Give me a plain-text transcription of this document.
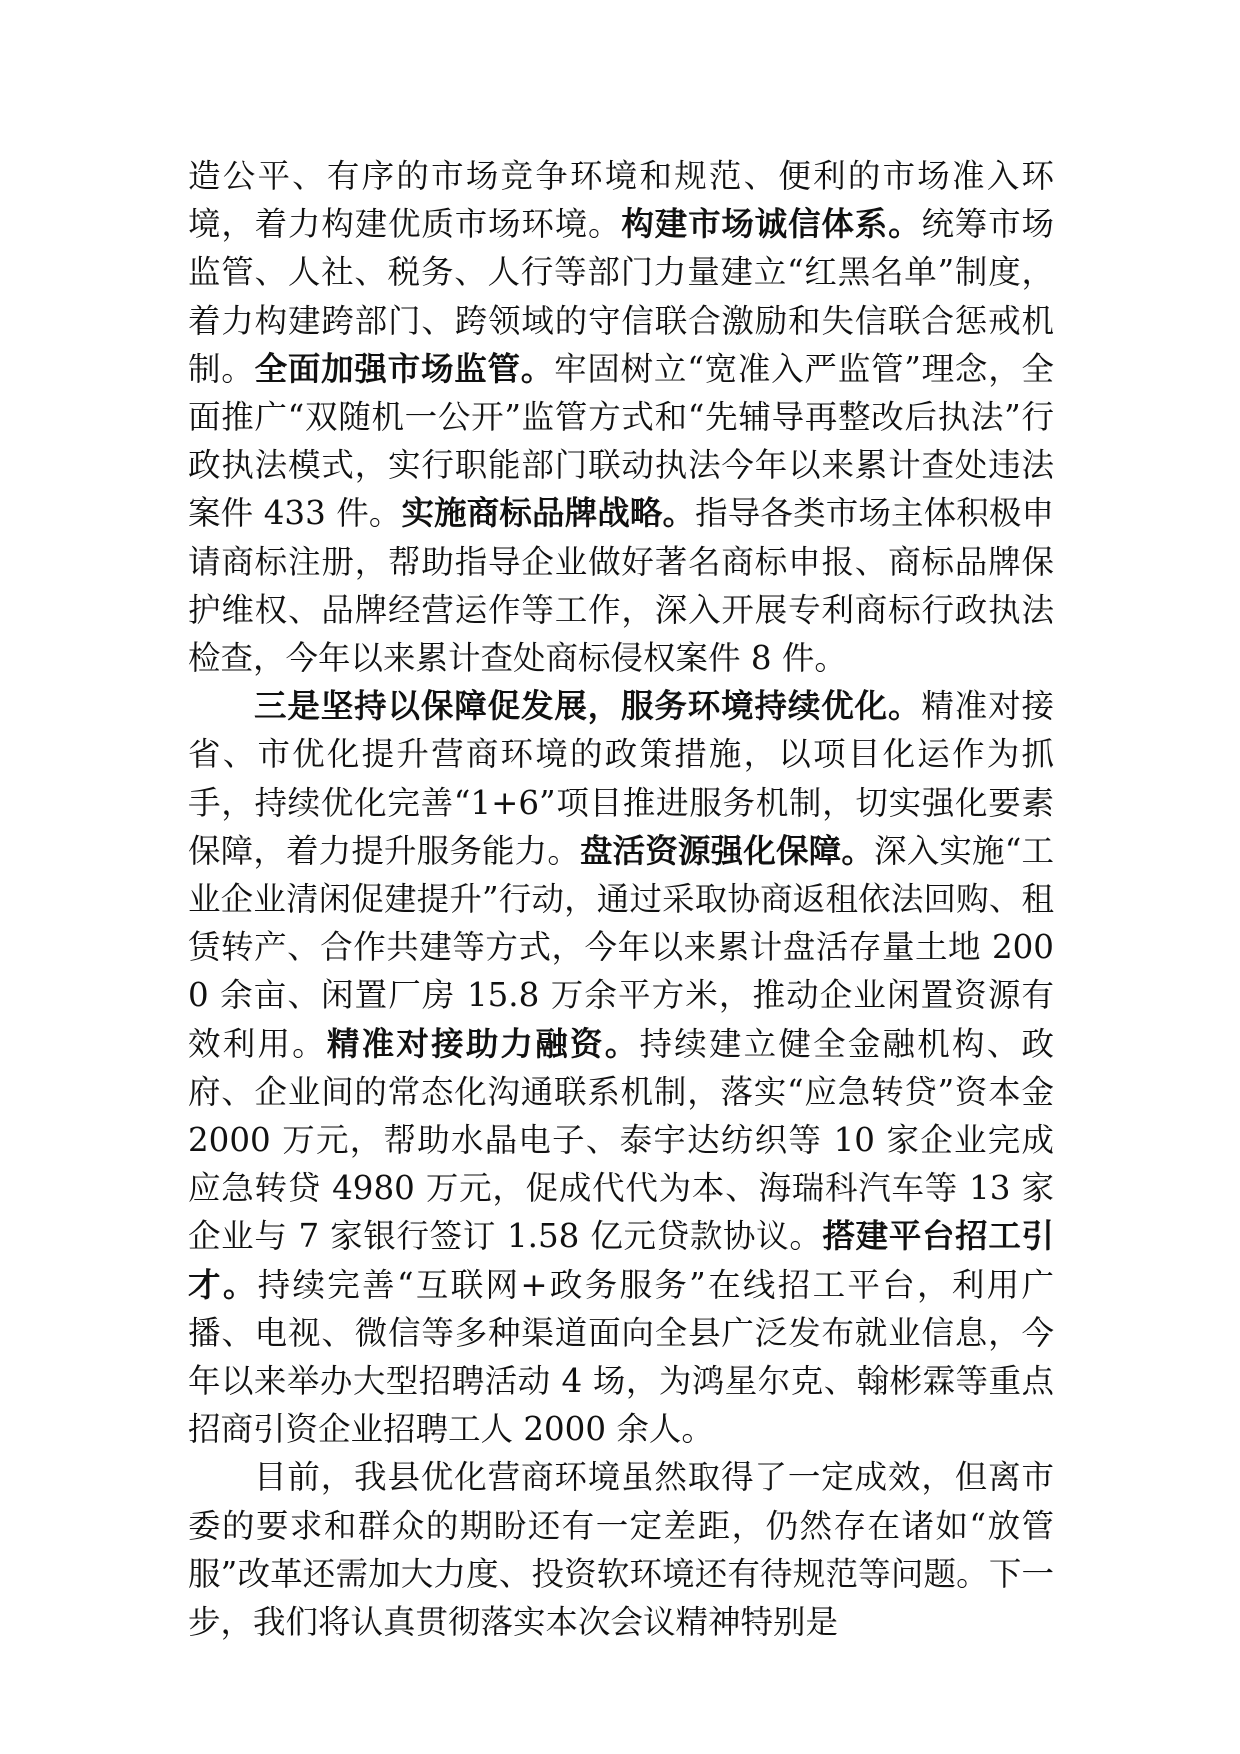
造公平、有序的市场竞争环境和规范、便利的市场准入环境，着力构建优质市场环境。构建市场诚信体系。统筹市场监管、人社、税务、人行等部门力量建立“红黑名单”制度，着力构建跨部门、跨领域的守信联合激励和失信联合惩戒机制。全面加强市场监管。牢固树立“宽准入严监管”理念，全面推广“双随机一公开”监管方式和“先辅导再整改后执法”行政执法模式，实行职能部门联动执法今年以来累计查处违法案件 433 件。实施商标品牌战略。指导各类市场主体积极申请商标注册，帮助指导企业做好著名商标申报、商标品牌保护维权、品牌经营运作等工作，深入开展专利商标行政执法检查，今年以来累计查处商标侵权案件 8 件。

三是坚持以保障促发展，服务环境持续优化。精准对接省、市优化提升营商环境的政策措施，以项目化运作为抓手，持续优化完善“1+6”项目推进服务机制，切实强化要素保障，着力提升服务能力。盘活资源强化保障。深入实施“工业企业清闲促建提升”行动，通过采取协商返租依法回购、租赁转产、合作共建等方式，今年以来累计盘活存量土地 2000 余亩、闲置厂房 15.8 万余平方米，推动企业闲置资源有效利用。精准对接助力融资。持续建立健全金融机构、政府、企业间的常态化沟通联系机制，落实“应急转贷”资本金 2000 万元，帮助水晶电子、泰宇达纺织等 10 家企业完成应急转贷 4980 万元，促成代代为本、海瑞科汽车等 13 家企业与 7 家银行签订 1.58 亿元贷款协议。搭建平台招工引才。持续完善“互联网+政务服务”在线招工平台，利用广播、电视、微信等多种渠道面向全县广泛发布就业信息，今年以来举办大型招聘活动 4 场，为鸿星尔克、翰彬霖等重点招商引资企业招聘工人 2000 余人。

目前，我县优化营商环境虽然取得了一定成效，但离市委的要求和群众的期盼还有一定差距，仍然存在诸如“放管服”改革还需加大力度、投资软环境还有待规范等问题。下一步，我们将认真贯彻落实本次会议精神特别是
